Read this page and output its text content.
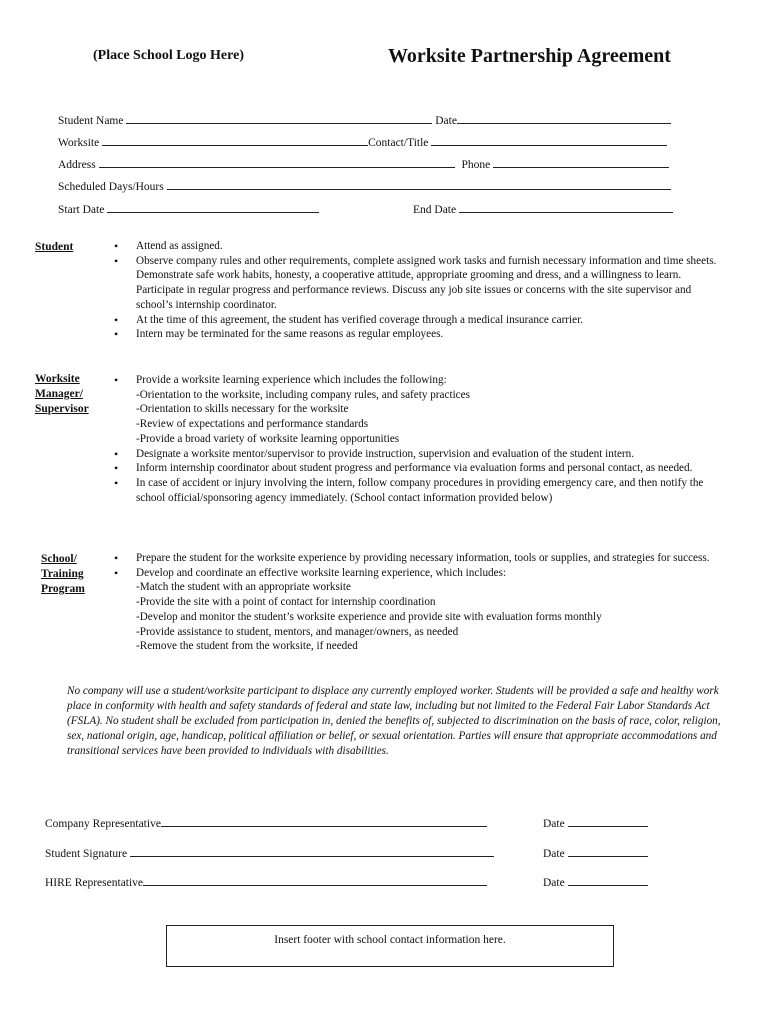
(Place School Logo Here)	Worksite Partnership Agreement
Student Name	Date
Worksite	Contact/Title
Address	Phone
Scheduled Days/Hours
Start Date	End Date
Student	• Attend as assigned.
• Observe company rules and other requirements, complete assigned work tasks and furnish necessary information and time sheets. Demonstrate safe work habits, honesty, a cooperative attitude, appropriate grooming and dress, and a willingness to learn. Participate in regular progress and performance reviews. Discuss any job site issues or concerns with the site supervisor and school’s internship coordinator.
• At the time of this agreement, the student has verified coverage through a medical insurance carrier.
• Intern may be terminated for the same reasons as regular employees.
Worksite
Manager/
Supervisor
• Provide a worksite learning experience which includes the following:
-Orientation to the worksite, including company rules, and safety practices
-Orientation to skills necessary for the worksite
-Review of expectations and performance standards
-Provide a broad variety of worksite learning opportunities
• Designate a worksite mentor/supervisor to provide instruction, supervision and evaluation of the student intern.
• Inform internship coordinator about student progress and performance via evaluation forms and personal contact, as needed.
• In case of accident or injury involving the intern, follow company procedures in providing emergency care, and then notify the school official/sponsoring agency immediately. (School contact information provided below)
School/
Training
Program
• Prepare the student for the worksite experience by providing necessary information, tools or supplies, and strategies for success.
• Develop and coordinate an effective worksite learning experience, which includes:
-Match the student with an appropriate worksite
-Provide the site with a point of contact for internship coordination
-Develop and monitor the student’s worksite experience and provide site with evaluation forms monthly
-Provide assistance to student, mentors, and manager/owners, as needed
-Remove the student from the worksite, if needed
No company will use a student/worksite participant to displace any currently employed worker. Students will be provided a safe and healthy work place in conformity with health and safety standards of federal and state law, including but not limited to the Federal Fair Labor Standards Act (FSLA). No student shall be excluded from participation in, denied the benefits of, subjected to discrimination on the basis of race, color, religion, sex, national origin, age, handicap, political affiliation or belief, or sexual orientation. Parties will ensure that appropriate accommodations and transitional services have been provided to individuals with disabilities.
Company Representative	Date
Student Signature	Date
HIRE Representative	Date
Insert footer with school contact information here.
